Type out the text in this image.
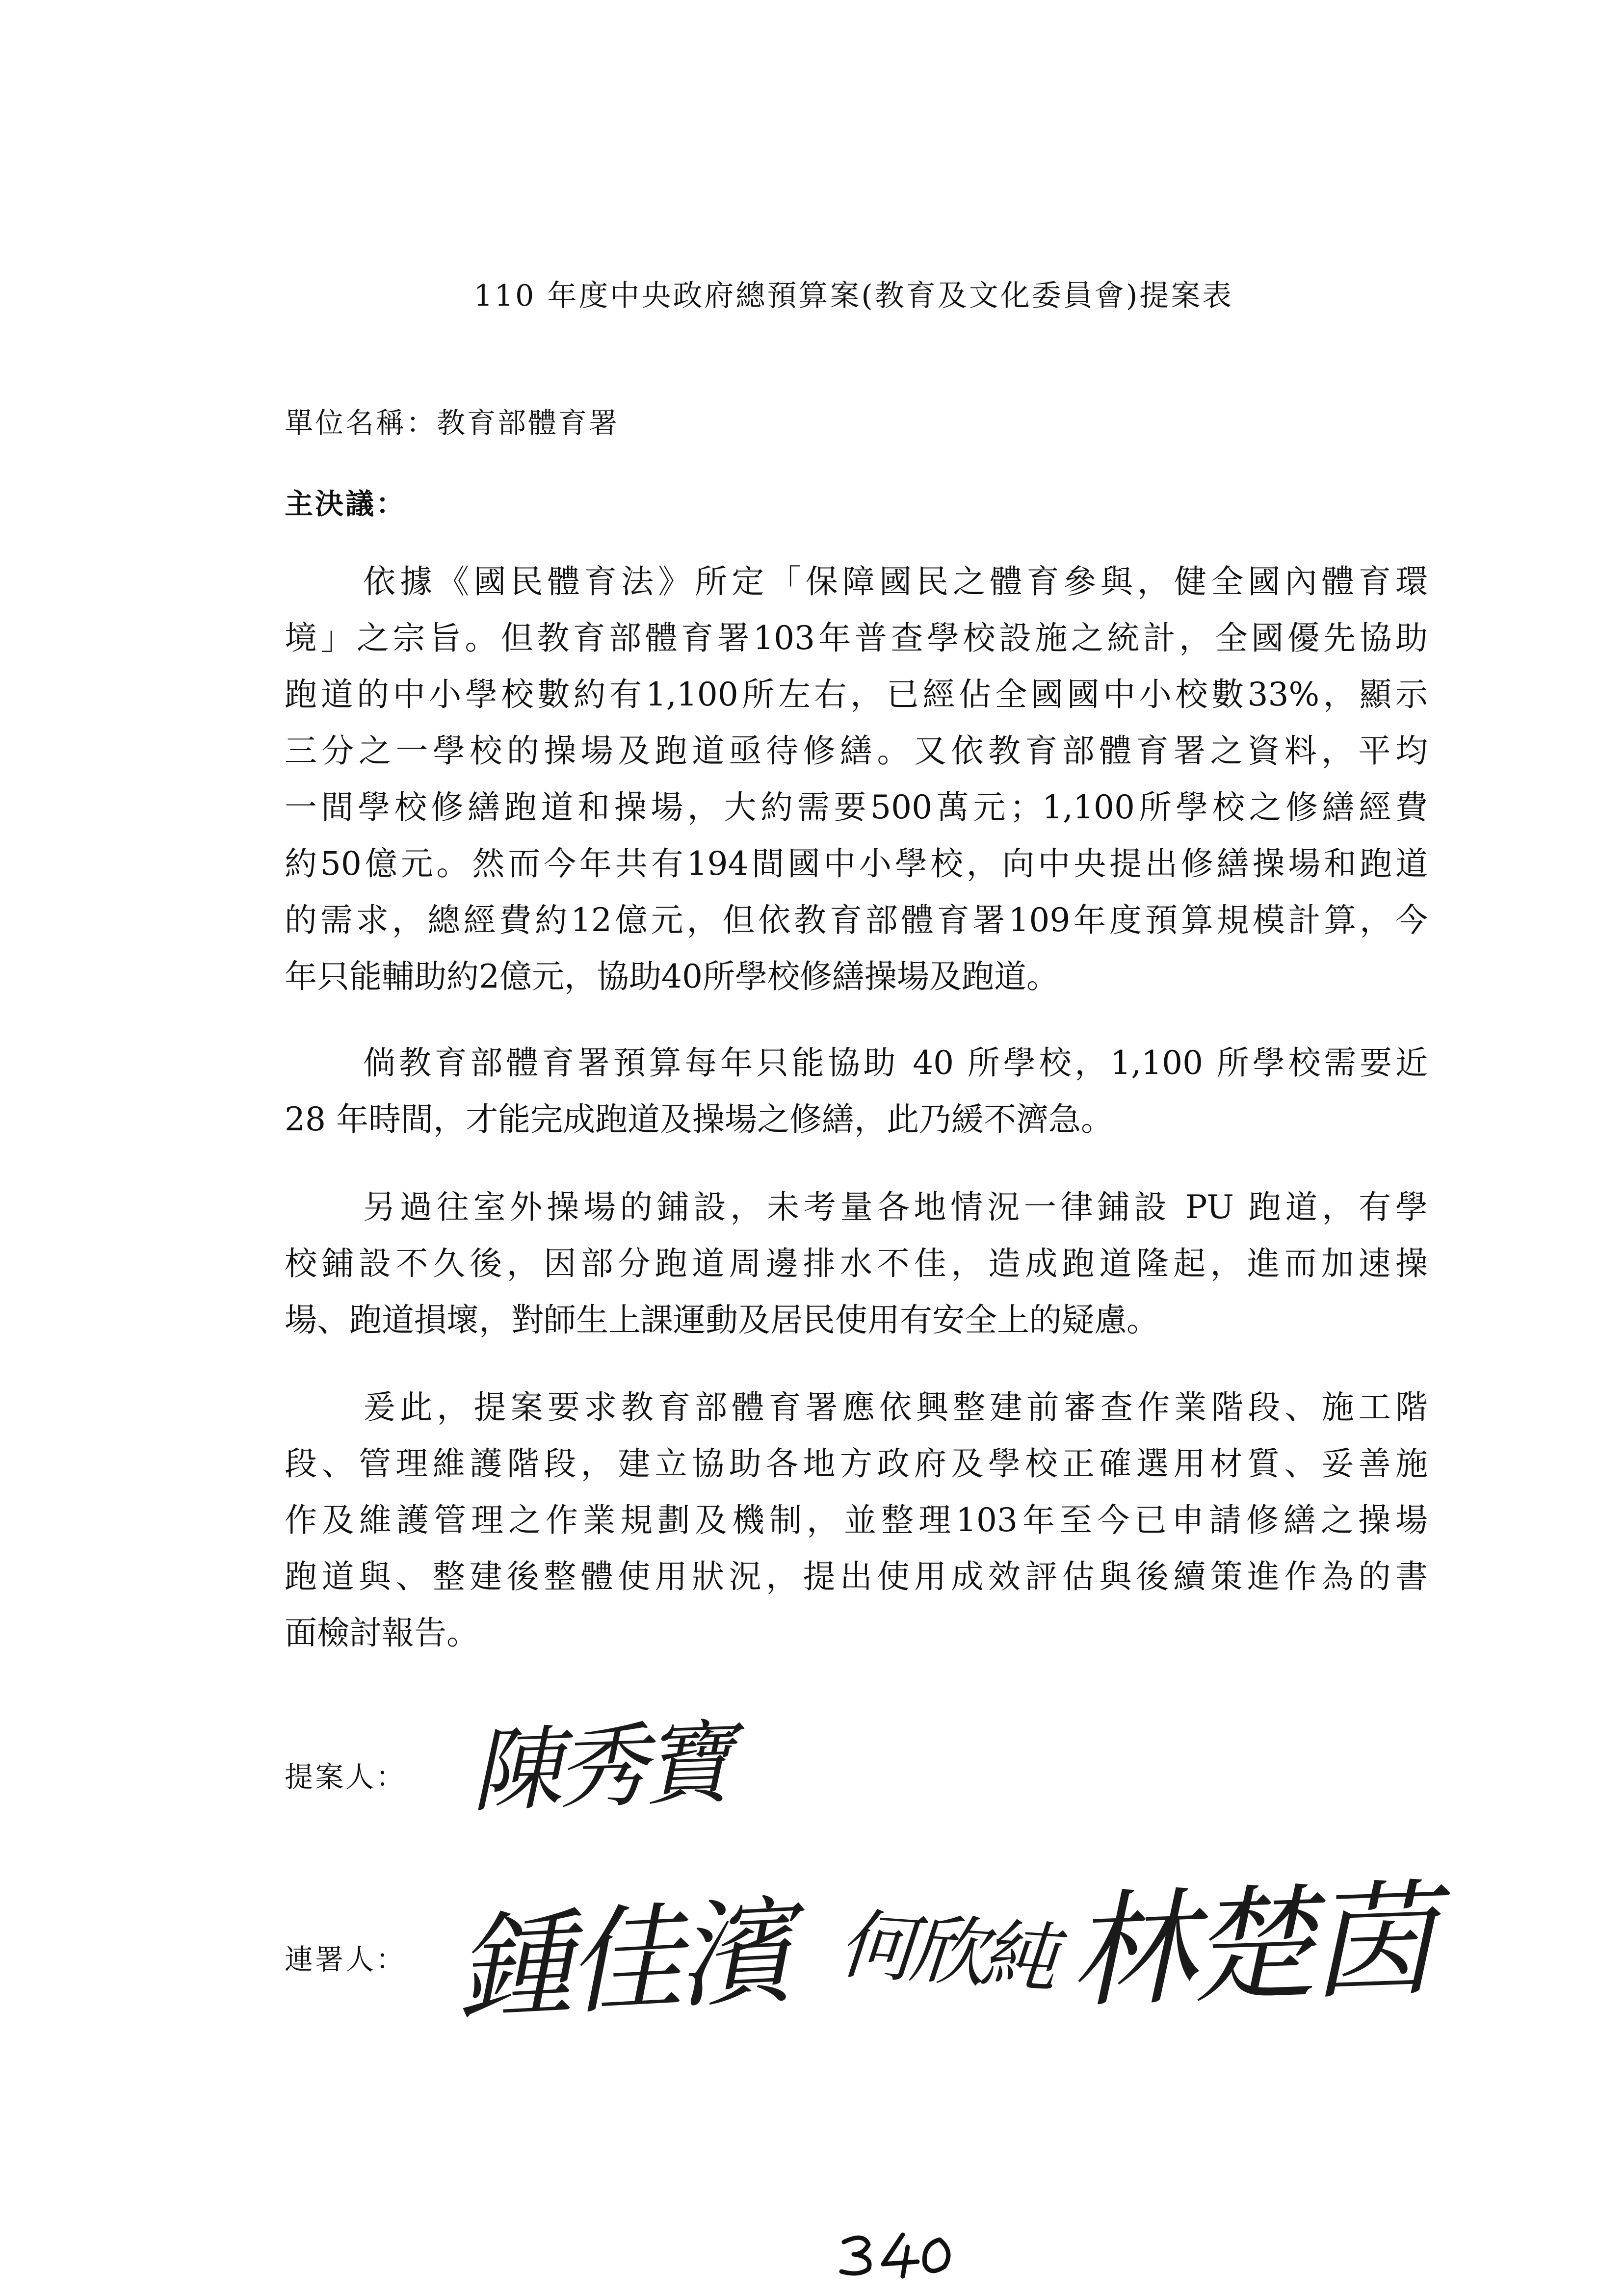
110 年度中央政府總預算案(教育及文化委員會)提案表
單位名稱：教育部體育署
主決議：
依據《國民體育法》所定「保障國民之體育參與，健全國內體育環
境」之宗旨。但教育部體育署103年普查學校設施之統計，全國優先協助
跑道的中小學校數約有1,100所左右，已經佔全國國中小校數33%，顯示
三分之一學校的操場及跑道亟待修繕。又依教育部體育署之資料，平均
一間學校修繕跑道和操場，大約需要500萬元；1,100所學校之修繕經費
約50億元。然而今年共有194間國中小學校，向中央提出修繕操場和跑道
的需求，總經費約12億元，但依教育部體育署109年度預算規模計算，今
年只能輔助約2億元，協助40所學校修繕操場及跑道。
倘教育部體育署預算每年只能協助 40 所學校，1,100 所學校需要近
28 年時間，才能完成跑道及操場之修繕，此乃緩不濟急。
另過往室外操場的鋪設，未考量各地情況一律鋪設 PU 跑道，有學
校鋪設不久後，因部分跑道周邊排水不佳，造成跑道隆起，進而加速操
場、跑道損壞，對師生上課運動及居民使用有安全上的疑慮。
爰此，提案要求教育部體育署應依興整建前審查作業階段、施工階
段、管理維護階段，建立協助各地方政府及學校正確選用材質、妥善施
作及維護管理之作業規劃及機制，並整理103年至今已申請修繕之操場
跑道與、整建後整體使用狀況，提出使用成效評估與後續策進作為的書
面檢討報告。
提案人： 陳秀寶
連署人： 鍾佳濱 何欣純 林楚茵
